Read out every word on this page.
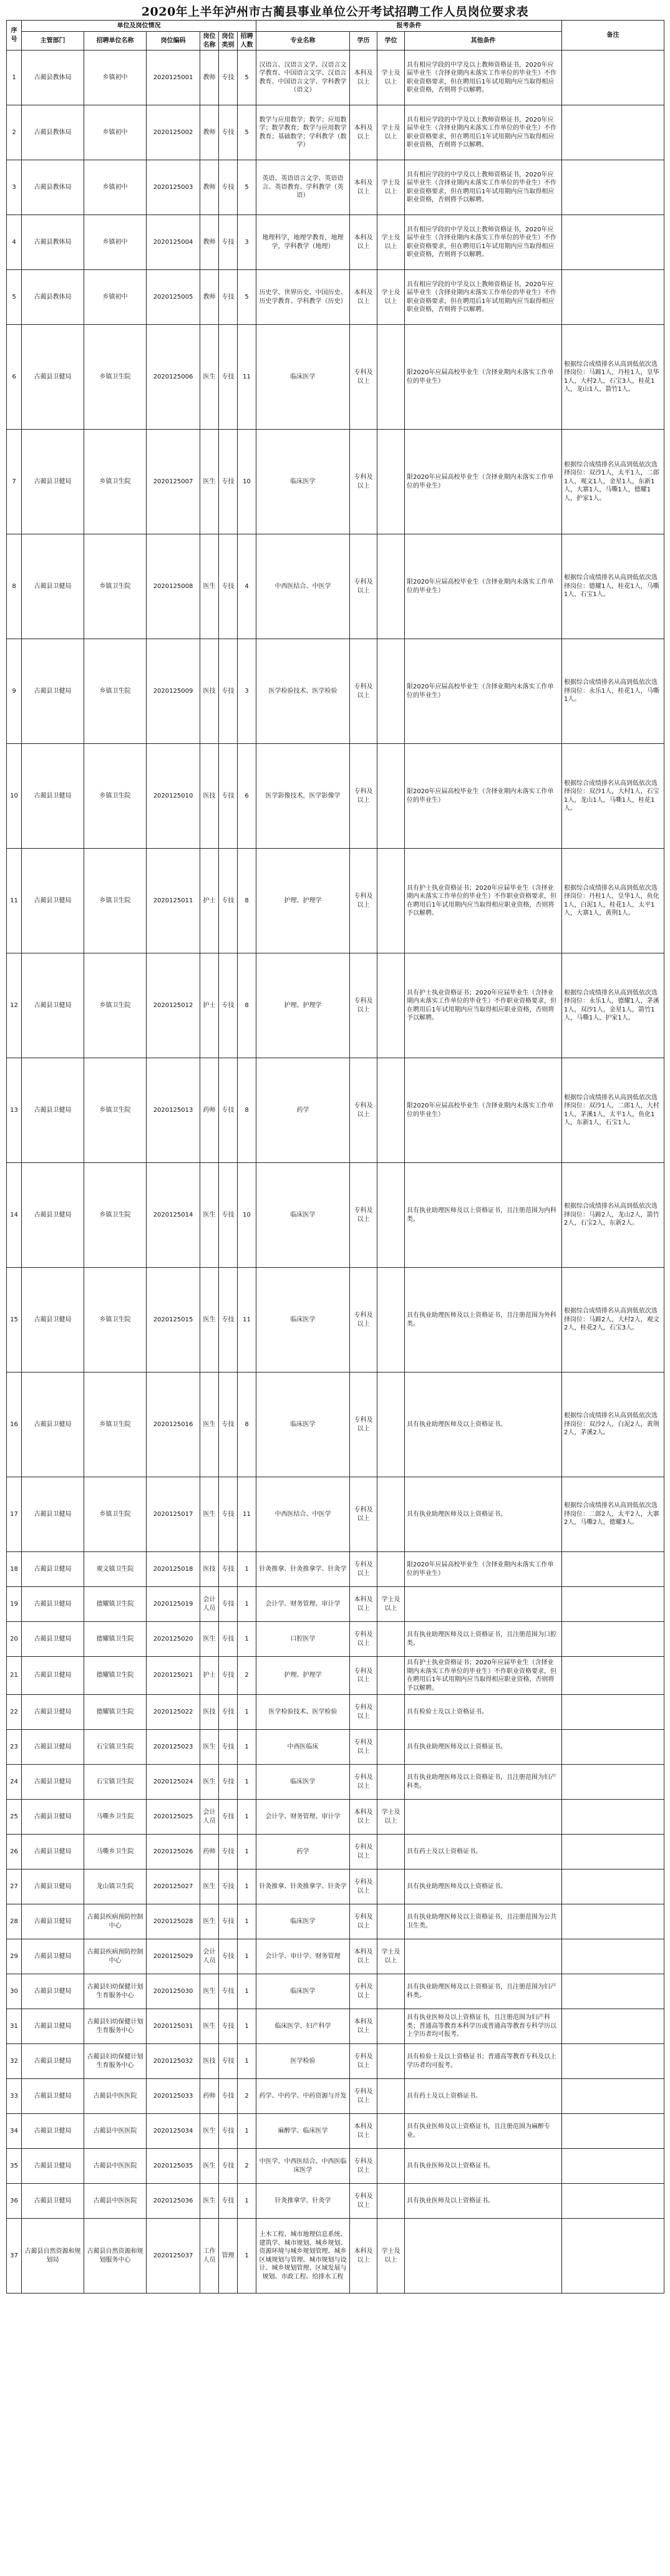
2020年上半年泸州市古蔺县事业单位公开考试招聘工作人员岗位要求表
序号	单位及岗位情况						报考条件				备注
	主管部门	招聘单位名称	岗位编码	岗位名称	岗位类别	招聘人数	专业名称	学历	学位	其他条件	
1	古蔺县教体局	乡镇初中	2020125001	教师	专技	5	汉语言、汉语言文学、汉语言文学教育、中国语言文学、汉语言教育、中国语言文学、学科教学（语文）	本科及以上	学士及以上	具有相应学段的中学及以上教师资格证书，2020年应届毕业生（含择业期内未落实工作单位的毕业生）不作职业资格要求，但在聘用后1年试用期内应当取得相应职业资格，否则将予以解聘。	
2	古蔺县教体局	乡镇初中	2020125002	教师	专技	5	数学与应用数学；数学；应用数学；数学教育；数学与应用数学教育；基础数学；学科教学（数学）	本科及以上	学士及以上	具有相应学段的中学及以上教师资格证书，2020年应届毕业生（含择业期内未落实工作单位的毕业生）不作职业资格要求，但在聘用后1年试用期内应当取得相应职业资格，否则将予以解聘。	
3	古蔺县教体局	乡镇初中	2020125003	教师	专技	5	英语、英语语言文学、英语语言、英语教育、学科教学（英语）	本科及以上	学士及以上	具有相应学段的中学及以上教师资格证书，2020年应届毕业生（含择业期内未落实工作单位的毕业生）不作职业资格要求，但在聘用后1年试用期内应当取得相应职业资格，否则将予以解聘。	
4	古蔺县教体局	乡镇初中	2020125004	教师	专技	3	地理科学，地理学教育，地理学，学科教学（地理）	本科及以上	学士及以上	具有相应学段的中学及以上教师资格证书，2020年应届毕业生（含择业期内未落实工作单位的毕业生）不作职业资格要求，但在聘用后1年试用期内应当取得相应职业资格，否则将予以解聘。	
5	古蔺县教体局	乡镇初中	2020125005	教师	专技	5	历史学、世界历史、中国历史、历史学教育、学科教学（历史）	本科及以上	学士及以上	具有相应学段的中学及以上教师资格证书，2020年应届毕业生（含择业期内未落实工作单位的毕业生）不作职业资格要求，但在聘用后1年试用期内应当取得相应职业资格，否则将予以解聘。	
6	古蔺县卫健局	乡镇卫生院	2020125006	医生	专技	11	临床医学	专科及以上		限2020年应届高校毕业生（含择业期内未落实工作单位的毕业生）	根据综合成绩排名从高到低依次选择岗位：马蹄1人，丹桂1人，皇华1人，大村2人，石宝3人，桂花1人，龙山1人，箭竹1人。
7	古蔺县卫健局	乡镇卫生院	2020125007	医生	专技	10	临床医学	专科及以上		限2020年应届高校毕业生（含择业期内未落实工作单位的毕业生）	根据综合成绩排名从高到低依次选择岗位：双沙1人，太平1人，二郎1人，观文1人，金星1人，东新1人，大寨1人，马嘶1人，德耀1人，护家1人。
8	古蔺县卫健局	乡镇卫生院	2020125008	医生	专技	4	中西医结合、中医学	专科及以上		限2020年应届高校毕业生（含择业期内未落实工作单位的毕业生）	根据综合成绩排名从高到低依次选择岗位：德耀1人，桂花1人，马嘶1人，石宝1人。
9	古蔺县卫健局	乡镇卫生院	2020125009	医技	专技	3	医学检验技术、医学检验	专科及以上		限2020年应届高校毕业生（含择业期内未落实工作单位的毕业生）	根据综合成绩排名从高到低依次选择岗位：永乐1人，桂花1人，马嘶1人。
10	古蔺县卫健局	乡镇卫生院	2020125010	医技	专技	6	医学影像技术，医学影像学	专科及以上		限2020年应届高校毕业生（含择业期内未落实工作单位的毕业生）	根据综合成绩排名从高到低依次选择岗位：双沙1人，大村1人，石宝1人，龙山1人，马嘶1人，桂花1人。
11	古蔺县卫健局	乡镇卫生院	2020125011	护士	专技	8	护理、护理学	专科及以上		具有护士执业资格证书；2020年应届毕业生（含择业期内未落实工作单位的毕业生）不作职业资格要求，但在聘用后1年试用期内应当取得相应职业资格，否则将予以解聘。	根据综合成绩排名从高到低依次选择岗位：丹桂1人，皇华1人，鱼化1人，白泥1人，桂花1人，太平1人，大寨1人，黄荆1人。
12	古蔺县卫健局	乡镇卫生院	2020125012	护士	专技	8	护理、护理学	专科及以上		具有护士执业资格证书；2020年应届毕业生（含择业期内未落实工作单位的毕业生）不作职业资格要求，但在聘用后1年试用期内应当取得相应职业资格，否则将予以解聘。	根据综合成绩排名从高到低依次选择岗位：永乐1人，德耀1人，茅溪1人，双沙1人，金星1人，箭竹1人，马嘶1人，护家1人。
13	古蔺县卫健局	乡镇卫生院	2020125013	药师	专技	8	药学	专科及以上		限2020年应届高校毕业生（含择业期内未落实工作单位的毕业生）	根据综合成绩排名从高到低依次选择岗位：双沙1人，二郎1人，大村1人，茅溪1人，太平1人，鱼化1人，东新1人，石宝1人。
14	古蔺县卫健局	乡镇卫生院	2020125014	医生	专技	10	临床医学	专科及以上		具有执业助理医师及以上资格证书，且注册范围为内科类。	根据综合成绩排名从高到低依次选择岗位：马蹄2人，龙山2人，箭竹2人，石宝2人，东新2人。
15	古蔺县卫健局	乡镇卫生院	2020125015	医生	专技	11	临床医学	专科及以上		具有执业助理医师及以上资格证书，且注册范围为外科类。	根据综合成绩排名从高到低依次选择岗位：马蹄2人，大村2人，观文2人，桂花2人，石宝3人。
16	古蔺县卫健局	乡镇卫生院	2020125016	医生	专技	8	临床医学	专科及以上		具有执业助理医师及以上资格证书。	根据综合成绩排名从高到低依次选择岗位：双沙2人，白泥2人，黄荆2人，茅溪2人。
17	古蔺县卫健局	乡镇卫生院	2020125017	医生	专技	11	中西医结合、中医学	专科及以上		具有执业助理医师及以上资格证书。	根据综合成绩排名从高到低依次选择岗位：二郎2人，太平2人，大寨2人，马嘶2人，德耀3人。
18	古蔺县卫健局	观文镇卫生院	2020125018	医技	专技	1	针灸推拿、针灸推拿学、针灸学	专科及以上		限2020年应届高校毕业生（含择业期内未落实工作单位的毕业生）	
19	古蔺县卫健局	德耀镇卫生院	2020125019	会计人员	专技	1	会计学、财务管理、审计学	本科及以上	学士及以上		
20	古蔺县卫健局	德耀镇卫生院	2020125020	医生	专技	1	口腔医学	专科及以上		具有执业助理医师及以上资格证书，且注册范围为口腔类。	
21	古蔺县卫健局	德耀镇卫生院	2020125021	护士	专技	2	护理、护理学	专科及以上		具有护士执业资格证书；2020年应届毕业生（含择业期内未落实工作单位的毕业生）不作职业资格要求，但在聘用后1年试用期内应当取得相应职业资格，否则将予以解聘。	
22	古蔺县卫健局	德耀镇卫生院	2020125022	医技	专技	1	医学检验技术、医学检验	专科及以上		具有检验士及以上资格证书。	
23	古蔺县卫健局	石宝镇卫生院	2020125023	医生	专技	1	中西医临床	专科及以上		具有执业助理医师及以上资格证书。	
24	古蔺县卫健局	石宝镇卫生院	2020125024	医生	专技	1	临床医学	专科及以上		具有执业助理医师及以上资格证书，且注册范围为妇产科类。	
25	古蔺县卫健局	马嘶乡卫生院	2020125025	会计人员	专技	1	会计学、财务管理、审计学	本科及以上	学士及以上		
26	古蔺县卫健局	马嘶乡卫生院	2020125026	药师	专技	1	药学	专科及以上		具有药士及以上资格证书。	
27	古蔺县卫健局	龙山镇卫生院	2020125027	医生	专技	1	针灸推拿、针灸推拿学、针灸学	专科及以上		具有执业助理医师及以上资格证书。	
28	古蔺县卫健局	古蔺县疾病预防控制中心	2020125028	医生	专技	1	临床医学	专科及以上		具有执业助理医师及以上资格证书，且注册范围为公共卫生类。	
29	古蔺县卫健局	古蔺县疾病预防控制中心	2020125029	会计人员	专技	1	会计学、审计学、财务管理	本科及以上	学士及以上		
30	古蔺县卫健局	古蔺县妇幼保健计划生育服务中心	2020125030	医生	专技	1	临床医学	专科及以上		具有执业助理医师及以上资格证书，且注册范围为妇产科类。	
31	古蔺县卫健局	古蔺县妇幼保健计划生育服务中心	2020125031	医生	专技	1	临床医学、妇产科学	本科及以上		具有执业医师及以上资格证书，且注册范围为妇产科类；普通高等教育本科学历或普通高等教育专科学历以上学历者均可报考。	
32	古蔺县卫健局	古蔺县妇幼保健计划生育服务中心	2020125032	医技	专技	1	医学检验	专科及以上		具有检验士及以上资格证书；普通高等教育专科及以上学历者均可报考。	
33	古蔺县卫健局	古蔺县中医医院	2020125033	药师	专技	2	药学、中药学、中药资源与开发	专科及以上		具有药士及以上资格证书。	
34	古蔺县卫健局	古蔺县中医医院	2020125034	医生	专技	1	麻醉学、临床医学	本科及以上		具有执业医师及以上资格证书，且注册范围为麻醉专业。	
35	古蔺县卫健局	古蔺县中医医院	2020125035	医生	专技	2	中医学、中西医结合、中西医临床医学	专科及以上		具有执业医师及以上资格证书。	
36	古蔺县卫健局	古蔺县中医医院	2020125036	医生	专技	1	针灸推拿学、针灸学	专科及以上		具有执业医师及以上资格证书。	
37	古蔺县自然资源和规划局	古蔺县自然资源和规划服务中心	2020125037	工作人员	管理	1	土木工程、城市地理信息系统、建筑学、城市规划、城乡规划、资源环境与城乡规划管理、城乡区域规划与管理、城市规划与设计、城乡规划管理、区域发展与规划、市政工程、给排水工程	本科及以上	学士及以上		
